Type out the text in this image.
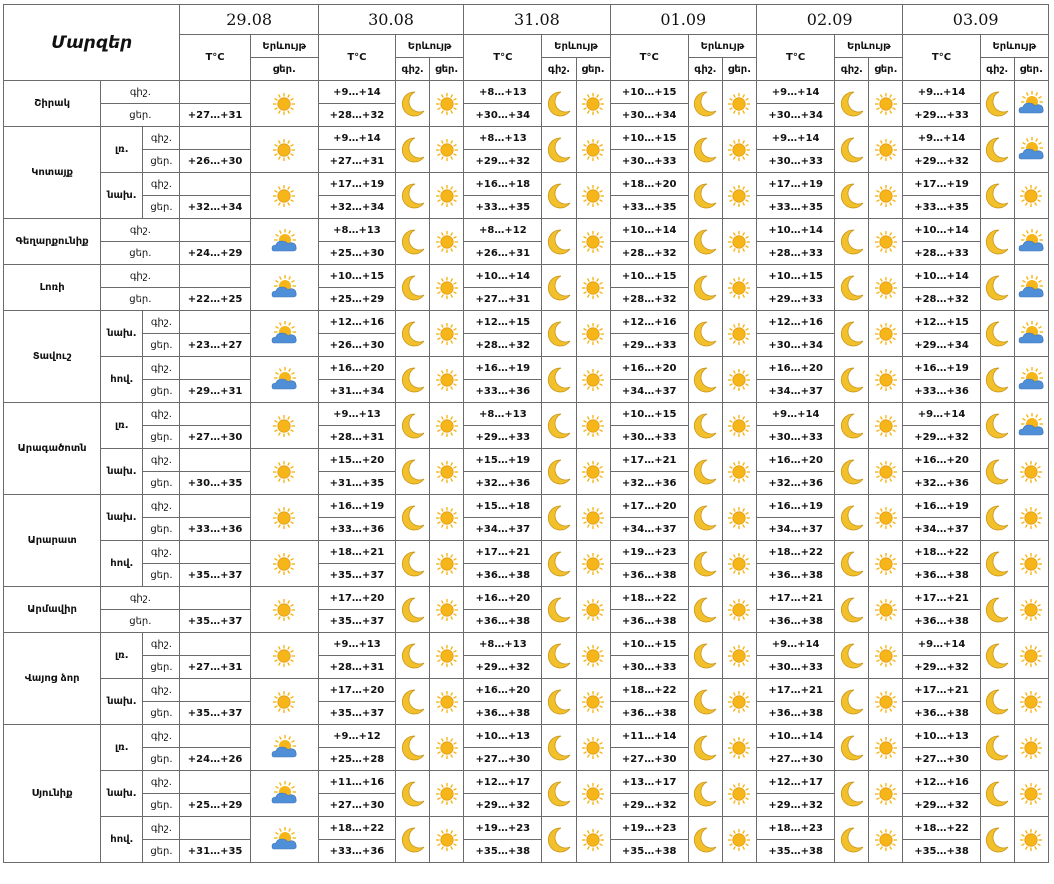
Մարզեր			29.08		30.08			31.08			01.09			02.09			03.09		
			T°C	Երևույթ	T°C	Երևույթ		T°C	Երևույթ		T°C	Երևույթ		T°C	Երևույթ		T°C	Երևույթ	
				ցեր.		գիշ.	ցեր.		գիշ.	ցեր.		գիշ.	ցեր.		գիշ.	ցեր.		գիշ.	ցեր.
Շիրակ	գիշ.				+9…+14			+8…+13			+10…+15			+9…+14			+9…+14		
	ցեր.		+27…+31		+28…+32			+30…+34			+30…+34			+30…+34			+29…+33		
Կոտայք	լռ.	գիշ.			+9…+14			+8…+13			+10…+15			+9…+14			+9…+14		
		ցեր.	+26…+30		+27…+31			+29…+32			+30…+33			+30…+33			+29…+32		
	նախ.	գիշ.			+17…+19			+16…+18			+18…+20			+17…+19			+17…+19		
		ցեր.	+32…+34		+32…+34			+33…+35			+33…+35			+33…+35			+33…+35		
Գեղարքունիք	գիշ.				+8…+13			+8…+12			+10…+14			+10…+14			+10…+14		
	ցեր.		+24…+29		+25…+30			+26…+31			+28…+32			+28…+33			+28…+33		
Լոռի	գիշ.				+10…+15			+10…+14			+10…+15			+10…+15			+10…+14		
	ցեր.		+22…+25		+25…+29			+27…+31			+28…+32			+29…+33			+28…+32		
Տավուշ	նախ.	գիշ.			+12…+16			+12…+15			+12…+16			+12…+16			+12…+15		
		ցեր.	+23…+27		+26…+30			+28…+32			+29…+33			+30…+34			+29…+34		
	հով.	գիշ.			+16…+20			+16…+19			+16…+20			+16…+20			+16…+19		
		ցեր.	+29…+31		+31…+34			+33…+36			+34…+37			+34…+37			+33…+36		
Արագածոտն	լռ.	գիշ.			+9…+13			+8…+13			+10…+15			+9…+14			+9…+14		
		ցեր.	+27…+30		+28…+31			+29…+33			+30…+33			+30…+33			+29…+32		
	նախ.	գիշ.			+15…+20			+15…+19			+17…+21			+16…+20			+16…+20		
		ցեր.	+30…+35		+31…+35			+32…+36			+32…+36			+32…+36			+32…+36		
Արարատ	նախ.	գիշ.			+16…+19			+15…+18			+17…+20			+16…+19			+16…+19		
		ցեր.	+33…+36		+33…+36			+34…+37			+34…+37			+34…+37			+34…+37		
	հով.	գիշ.			+18…+21			+17…+21			+19…+23			+18…+22			+18…+22		
		ցեր.	+35…+37		+35…+37			+36…+38			+36…+38			+36…+38			+36…+38		
Արմավիր	գիշ.				+17…+20			+16…+20			+18…+22			+17…+21			+17…+21		
	ցեր.		+35…+37		+35…+37			+36…+38			+36…+38			+36…+38			+36…+38		
Վայոց ձոր	լռ.	գիշ.			+9…+13			+8…+13			+10…+15			+9…+14			+9…+14		
		ցեր.	+27…+31		+28…+31			+29…+32			+30…+33			+30…+33			+29…+32		
	նախ.	գիշ.			+17…+20			+16…+20			+18…+22			+17…+21			+17…+21		
		ցեր.	+35…+37		+35…+37			+36…+38			+36…+38			+36…+38			+36…+38		
Սյունիք	լռ.	գիշ.			+9…+12			+10…+13			+11…+14			+10…+14			+10…+13		
		ցեր.	+24…+26		+25…+28			+27…+30			+27…+30			+27…+30			+27…+30		
	նախ.	գիշ.			+11…+16			+12…+17			+13…+17			+12…+17			+12…+16		
		ցեր.	+25…+29		+27…+30			+29…+32			+29…+32			+29…+32			+29…+32		
	հով.	գիշ.			+18…+22			+19…+23			+19…+23			+18…+23			+18…+22		
		ցեր.	+31…+35		+33…+36			+35…+38			+35…+38			+35…+38			+35…+38		
